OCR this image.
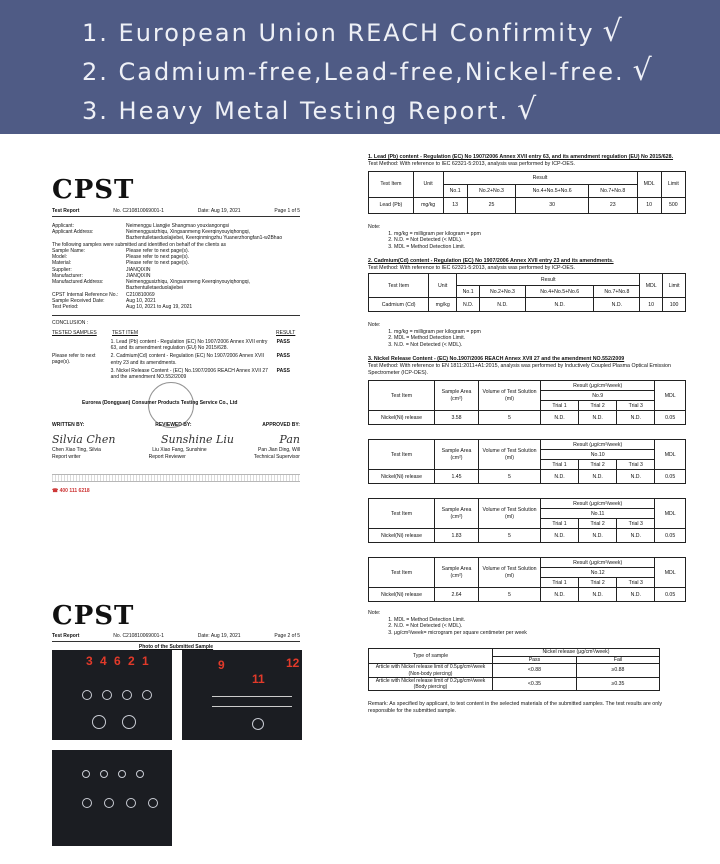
1. European Union REACH Confirmity √
2. Cadmium-free,Lead-free,Nickel-free. √
3. Heavy Metal Testing Report. √
CPST
Test Report	No. C210810069001-1	Date: Aug 19, 2021	Page 1 of 5
Applicant:	Neimenggu Liangjie Shangmao youxiangongsi
Applicant Address:	Neimenggusizhiqu, Xingsanmeng Keerqinyouyiqhongqi, Bazhentuiletaeduolajiebei, Keerqinmingzhu Yuanerzhongfan1-w2Bhao
The following samples were submitted and identified on behalf of the clients as
Sample Name:	Please refer to next page(s).
Model:	Please refer to next page(s).
Material:	Please refer to next page(s).
Supplier:	JIANQIXIN
Manufacturer:	JIANQIXIN
Manufactured Address:	Neimenggusizhiqu, Xingsanmeng Keerqinyouyiqhongqi, Bazhentuiletaeduolajiebei
CPST Internal Reference No.:	C210810069
Sample Received Date:	Aug 10, 2021
Test Period:	Aug 10, 2021 to Aug 19, 2021
CONCLUSION :
TESTED SAMPLES	TEST ITEM	RESULT
Please refer to next page(s).
1. Lead (Pb) content - Regulation (EC) No 1907/2006 Annex XVII entry 63, and its amendment regulation (EU) No 2015/628.
PASS
2. Cadmium(Cd) content - Regulation (EC) No 1907/2006 Annex XVII entry 23 and its amendments.
PASS
3. Nickel Release Content - (EC) No.1907/2006 REACH Annex XVII 27 and the amendment NO.552/2009
PASS
Eurorea (Dongguan) Consumer Products Testing Service Co., Ltd
WRITTEN BY:	REVIEWED BY:	APPROVED BY:
Silvia Chen	Sunshine Liu	Pan
Chen Xiao Ting, Silvia	Liu Xiao Fang, Sunshine	Pan Jian Ding, Will
Report writer	Report Reviewer	Technical Supervisor
☎ 400 111 6218
CPST
Test Report	No. C210810069001-1	Date: Aug 19, 2021	Page 2 of 5
Photo of the Submitted Sample
3 4 6 2 1	9
11
12
1. Lead (Pb) content - Regulation (EC) No 1907/2006 Annex XVII entry 63, and its amendment regulation (EU) No 2015/628.
Test Method: With reference to IEC 62321-5:2013, analysis was performed by ICP-OES.
Test Item	Unit	Result				MDL	Limit
		No.1	No.2+No.3	No.4+No.5+No.6	No.7+No.8		
Lead (Pb)	mg/kg	13	25	30	23	10	500
Note:
1. mg/kg = milligram per kilogram = ppm
2. N.D. = Not Detected (< MDL).
3. MDL = Method Detection Limit.
2. Cadmium(Cd) content - Regulation (EC) No 1907/2006 Annex XVII entry 23 and its amendments.
Test Method: With reference to IEC 62321-5:2013, analysis was performed by ICP-OES.
Test Item	Unit	Result				MDL	Limit
		No.1	No.2+No.3	No.4+No.5+No.6	No.7+No.8		
Cadmium (Cd)	mg/kg	N.D.	N.D.	N.D.	N.D.	10	100
Note:
1. mg/kg = milligram per kilogram = ppm
2. MDL = Method Detection Limit.
3. N.D. = Not Detected (< MDL).
3. Nickel Release Content - (EC) No.1907/2006 REACH Annex XVII 27 and the amendment NO.552/2009
Test Method: With reference to EN 1811:2011+A1:2015, analysis was performed by Inductively Coupled Plasma Optical Emission Spectrometer (ICP-OES).
Test Item	Sample Area (cm²)	Volume of Test Solution (ml)	Result (μg/cm²/week)			MDL
			No.9			
			Trial 1	Trial 2	Trial 3	
Nickel(Ni) release	3.58	5	N.D.	N.D.	N.D.	0.05
Test Item	Sample Area (cm²)	Volume of Test Solution (ml)	Result (μg/cm²/week)			MDL
			No.10			
			Trial 1	Trial 2	Trial 3	
Nickel(Ni) release	1.45	5	N.D.	N.D.	N.D.	0.05
Test Item	Sample Area (cm²)	Volume of Test Solution (ml)	Result (μg/cm²/week)			MDL
			No.11			
			Trial 1	Trial 2	Trial 3	
Nickel(Ni) release	1.83	5	N.D.	N.D.	N.D.	0.05
Test Item	Sample Area (cm²)	Volume of Test Solution (ml)	Result (μg/cm²/week)			MDL
			No.12			
			Trial 1	Trial 2	Trial 3	
Nickel(Ni) release	2.64	5	N.D.	N.D.	N.D.	0.05
Note:
1. MDL = Method Detection Limit.
2. N.D. = Not Detected (< MDL).
3. μg/cm²/week= microgram per square centimeter per week
Type of sample	Nickel release (μg/cm²/week)	
	Pass	Fail
Article with Nickel release limit of 0.5μg/cm²/week (Non-body piercing)	<0.88	≥0.88
Article with Nickel release limit of 0.2μg/cm²/week (Body piercing)	<0.35	≥0.35
Remark: As specified by applicant, to test content in the selected materials of the submitted samples. The test results are only responsible for the submitted sample.
